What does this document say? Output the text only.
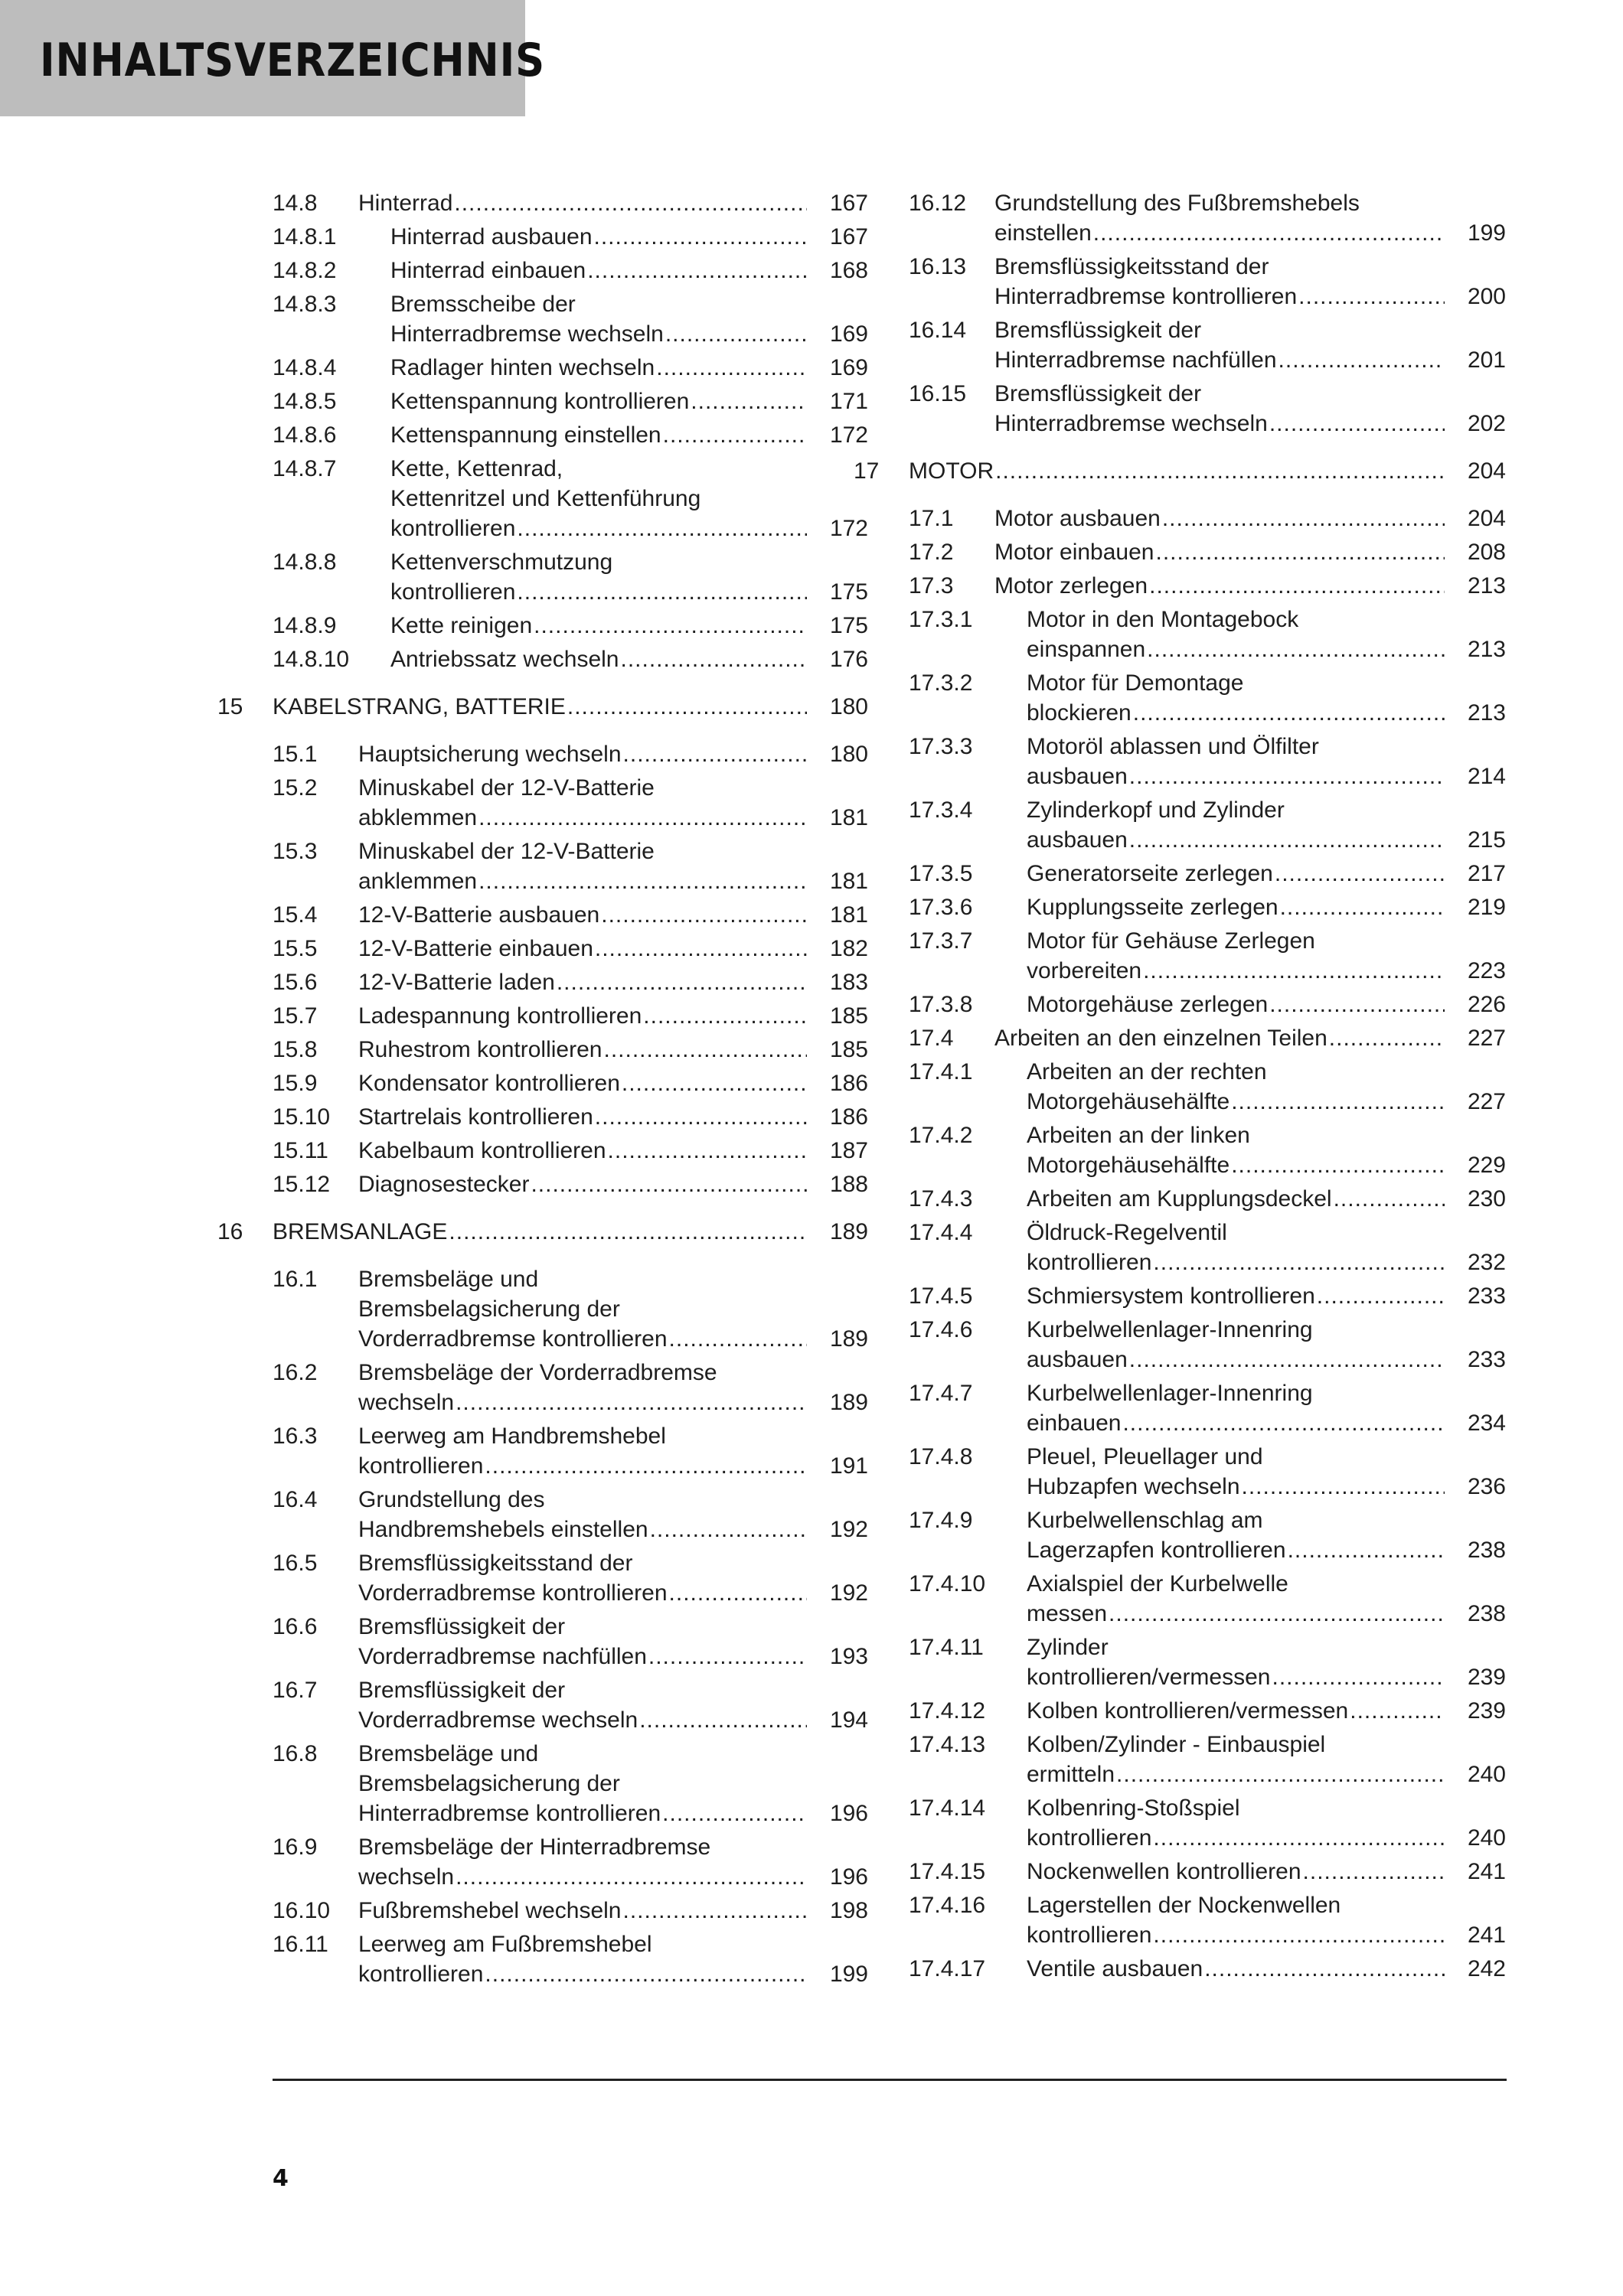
INHALTSVERZEICHNIS
14.8 Hinterrad .....	167
14.8.1 Hinterrad ausbauen .....	167
14.8.2 Hinterrad einbauen .....	168
14.8.3 Bremsscheibe der
Hinterradbremse wechseln .....	169
14.8.4 Radlager hinten wechseln .....	169
14.8.5 Kettenspannung kontrollieren .....	171
14.8.6 Kettenspannung einstellen .....	172
14.8.7 Kette, Kettenrad,
Kettenritzel und Kettenführung
kontrollieren .....	172
14.8.8 Kettenverschmutzung
kontrollieren .....	175
14.8.9 Kette reinigen .....	175
14.8.10 Antriebssatz wechseln .....	176
15 KABELSTRANG, BATTERIE .....	180
15.1 Hauptsicherung wechseln .....	180
15.2 Minuskabel der 12-V-Batterie
abklemmen .....	181
15.3 Minuskabel der 12-V-Batterie
anklemmen .....	181
15.4 12-V-Batterie ausbauen .....	181
15.5 12-V-Batterie einbauen .....	182
15.6 12-V-Batterie laden .....	183
15.7 Ladespannung kontrollieren .....	185
15.8 Ruhestrom kontrollieren .....	185
15.9 Kondensator kontrollieren .....	186
15.10 Startrelais kontrollieren .....	186
15.11 Kabelbaum kontrollieren .....	187
15.12 Diagnosestecker .....	188
16 BREMSANLAGE .....	189
16.1 Bremsbeläge und
Bremsbelagsicherung der
Vorderradbremse kontrollieren .....	189
16.2 Bremsbeläge der Vorderradbremse
wechseln .....	189
16.3 Leerweg am Handbremshebel
kontrollieren .....	191
16.4 Grundstellung des
Handbremshebels einstellen .....	192
16.5 Bremsflüssigkeitsstand der
Vorderradbremse kontrollieren .....	192
16.6 Bremsflüssigkeit der
Vorderradbremse nachfüllen .....	193
16.7 Bremsflüssigkeit der
Vorderradbremse wechseln .....	194
16.8 Bremsbeläge und
Bremsbelagsicherung der
Hinterradbremse kontrollieren .....	196
16.9 Bremsbeläge der Hinterradbremse
wechseln .....	196
16.10 Fußbremshebel wechseln .....	198
16.11 Leerweg am Fußbremshebel
kontrollieren .....	199
16.12 Grundstellung des Fußbremshebels
einstellen .....	199
16.13 Bremsflüssigkeitsstand der
Hinterradbremse kontrollieren .....	200
16.14 Bremsflüssigkeit der
Hinterradbremse nachfüllen .....	201
16.15 Bremsflüssigkeit der
Hinterradbremse wechseln .....	202
17 MOTOR .....	204
17.1 Motor ausbauen .....	204
17.2 Motor einbauen .....	208
17.3 Motor zerlegen .....	213
17.3.1 Motor in den Montagebock
einspannen .....	213
17.3.2 Motor für Demontage
blockieren .....	213
17.3.3 Motoröl ablassen und Ölfilter
ausbauen .....	214
17.3.4 Zylinderkopf und Zylinder
ausbauen .....	215
17.3.5 Generatorseite zerlegen .....	217
17.3.6 Kupplungsseite zerlegen .....	219
17.3.7 Motor für Gehäuse Zerlegen
vorbereiten .....	223
17.3.8 Motorgehäuse zerlegen .....	226
17.4 Arbeiten an den einzelnen Teilen .....	227
17.4.1 Arbeiten an der rechten
Motorgehäusehälfte .....	227
17.4.2 Arbeiten an der linken
Motorgehäusehälfte .....	229
17.4.3 Arbeiten am Kupplungsdeckel .....	230
17.4.4 Öldruck-Regelventil
kontrollieren .....	232
17.4.5 Schmiersystem kontrollieren .....	233
17.4.6 Kurbelwellenlager-Innenring
ausbauen .....	233
17.4.7 Kurbelwellenlager-Innenring
einbauen .....	234
17.4.8 Pleuel, Pleuellager und
Hubzapfen wechseln .....	236
17.4.9 Kurbelwellenschlag am
Lagerzapfen kontrollieren .....	238
17.4.10 Axialspiel der Kurbelwelle
messen .....	238
17.4.11 Zylinder
kontrollieren/vermessen .....	239
17.4.12 Kolben kontrollieren/vermessen .....	239
17.4.13 Kolben/Zylinder - Einbauspiel
ermitteln .....	240
17.4.14 Kolbenring-Stoßspiel
kontrollieren .....	240
17.4.15 Nockenwellen kontrollieren .....	241
17.4.16 Lagerstellen der Nockenwellen
kontrollieren .....	241
17.4.17 Ventile ausbauen .....	242
4
